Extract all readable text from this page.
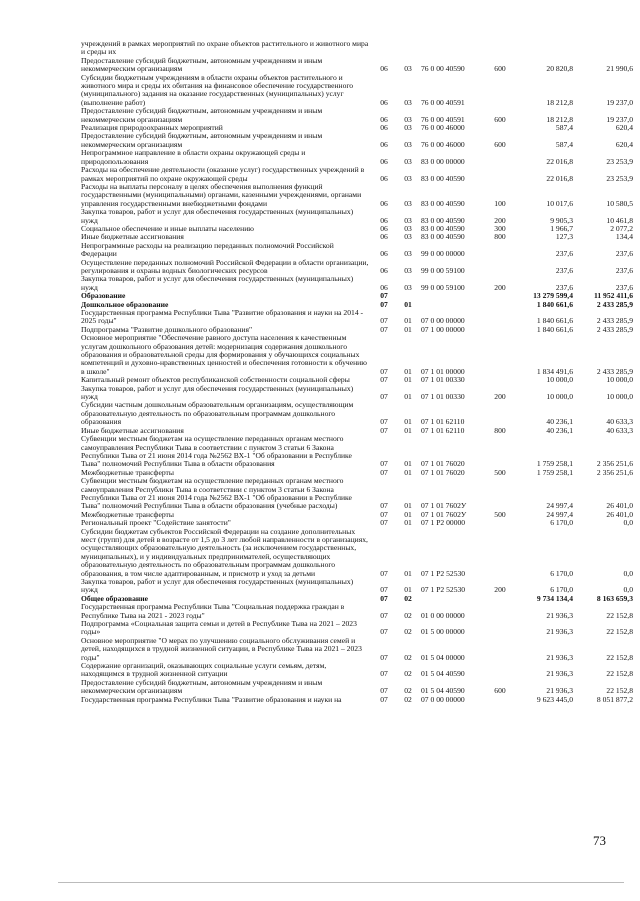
учреждений в рамках мероприятий по охране объектов растительного и животного мира и среды их						
Предоставление субсидий бюджетным, автономным учреждениям и иным некоммерческим организациям	06	03	76 0 00 40590	600	20 820,8	21 990,6
Субсидии бюджетным учреждениям в области охраны объектов растительного и животного мира и среды их обитания на финансовое обеспечение государственного (муниципального) задания на оказание государственных (муниципальных) услуг (выполнение работ)	06	03	76 0 00 40591		18 212,8	19 237,0
Предоставление субсидий бюджетным, автономным учреждениям и иным некоммерческим организациям	06	03	76 0 00 40591	600	18 212,8	19 237,0
Реализация природоохранных мероприятий	06	03	76 0 00 46000		587,4	620,4
Предоставление субсидий бюджетным, автономным учреждениям и иным некоммерческим организациям	06	03	76 0 00 46000	600	587,4	620,4
Непрограммное направление в области охраны окружающей среды и природопользования	06	03	83 0 00 00000		22 016,8	23 253,9
Расходы на обеспечение деятельности (оказание услуг) государственных учреждений в рамках мероприятий по охране окружающей среды	06	03	83 0 00 40590		22 016,8	23 253,9
Расходы на выплаты персоналу в целях обеспечения выполнения функций государственными (муниципальными) органами, казенными учреждениями, органами управления государственными внебюджетными фондами	06	03	83 0 00 40590	100	10 017,6	10 580,5
Закупка товаров, работ и услуг для обеспечения государственных (муниципальных) нужд	06	03	83 0 00 40590	200	9 905,3	10 461,8
Социальное обеспечение и иные выплаты населению	06	03	83 0 00 40590	300	1 966,7	2 077,2
Иные бюджетные ассигнования	06	03	83 0 00 40590	800	127,3	134,4
Непрограммные расходы на реализацию переданных полномочий Российской Федерации	06	03	99 0 00 00000		237,6	237,6
Осуществление переданных полномочий Российской Федерации в области организации, регулирования и охраны водных биологических ресурсов	06	03	99 0 00 59100		237,6	237,6
Закупка товаров, работ и услуг для обеспечения государственных (муниципальных) нужд	06	03	99 0 00 59100	200	237,6	237,6
Образование	07				13 279 599,4	11 952 411,6
Дошкольное образование	07	01			1 840 661,6	2 433 285,9
Государственная программа Республики Тыва "Развитие образования и науки на 2014 - 2025 годы"	07	01	07 0 00 00000		1 840 661,6	2 433 285,9
Подпрограмма "Развитие дошкольного образования"	07	01	07 1 00 00000		1 840 661,6	2 433 285,9
Основное мероприятие "Обеспечение равного доступа населения к качественным услугам дошкольного образования детей: модернизация содержания дошкольного образования и образовательной среды для формирования у обучающихся социальных компетенций и духовно-нравственных ценностей и обеспечения готовности к обучению в школе"	07	01	07 1 01 00000		1 834 491,6	2 433 285,9
Капитальный ремонт объектов республиканской собственности социальной сферы	07	01	07 1 01 00330		10 000,0	10 000,0
Закупка товаров, работ и услуг для обеспечения государственных (муниципальных) нужд	07	01	07 1 01 00330	200	10 000,0	10 000,0
Субсидии частным дошкольным образовательным организациям, осуществляющим образовательную деятельность по образовательным программам дошкольного образования	07	01	07 1 01 62110		40 236,1	40 633,3
Иные бюджетные ассигнования	07	01	07 1 01 62110	800	40 236,1	40 633,3
Субвенции местным бюджетам на осуществление переданных органам местного самоуправления Республики Тыва в соответствии с пунктом 3 статьи 6 Закона Республики Тыва от 21 июня 2014 года №2562 ВХ-1 "Об образовании в Республике Тыва" полномочий Республики Тыва в области образования	07	01	07 1 01 76020		1 759 258,1	2 356 251,6
Межбюджетные трансферты	07	01	07 1 01 76020	500	1 759 258,1	2 356 251,6
Субвенции местным бюджетам на осуществление переданных органам местного самоуправления Республики Тыва в соответствии с пунктом 3 статьи 6 Закона Республики Тыва от 21 июня 2014 года №2562 ВХ-1 "Об образовании в Республике Тыва" полномочий Республики Тыва в области образования (учебные расходы)	07	01	07 1 01 7602У		24 997,4	26 401,0
Межбюджетные трансферты	07	01	07 1 01 7602У	500	24 997,4	26 401,0
Региональный проект "Содействие занятости"	07	01	07 1 P2 00000		6 170,0	0,0
Субсидии бюджетам субъектов Российской Федерации на создание дополнительных мест (групп) для детей в возрасте от 1,5 до 3 лет любой направленности в организациях, осуществляющих образовательную деятельность (за исключением государственных, муниципальных), и у индивидуальных предпринимателей, осуществляющих образовательную деятельность по образовательным программам дошкольного образования, в том числе адаптированным, и присмотр и уход за детьми	07	01	07 1 P2 52530		6 170,0	0,0
Закупка товаров, работ и услуг для обеспечения государственных (муниципальных) нужд	07	01	07 1 P2 52530	200	6 170,0	0,0
Общее образование	07	02			9 734 134,4	8 163 659,3
Государственная программа Республики Тыва "Социальная поддержка граждан в Республике Тыва на 2021 - 2023 годы"	07	02	01 0 00 00000		21 936,3	22 152,8
Подпрограмма «Социальная защита семьи и детей в Республике Тыва на 2021 – 2023 годы»	07	02	01 5 00 00000		21 936,3	22 152,8
Основное мероприятие "О мерах по улучшению социального обслуживания семей и детей, находящихся в трудной жизненной ситуации, в Республике Тыва на 2021 – 2023 годы"	07	02	01 5 04 00000		21 936,3	22 152,8
Содержание организаций, оказывающих социальные услуги семьям, детям, находящимся в трудной жизненной ситуации	07	02	01 5 04 40590		21 936,3	22 152,8
Предоставление субсидий бюджетным, автономным учреждениям и иным некоммерческим организациям	07	02	01 5 04 40590	600	21 936,3	22 152,8
Государственная программа Республики Тыва "Развитие образования и науки на	07	02	07 0 00 00000		9 623 445,0	8 051 877,2
73
